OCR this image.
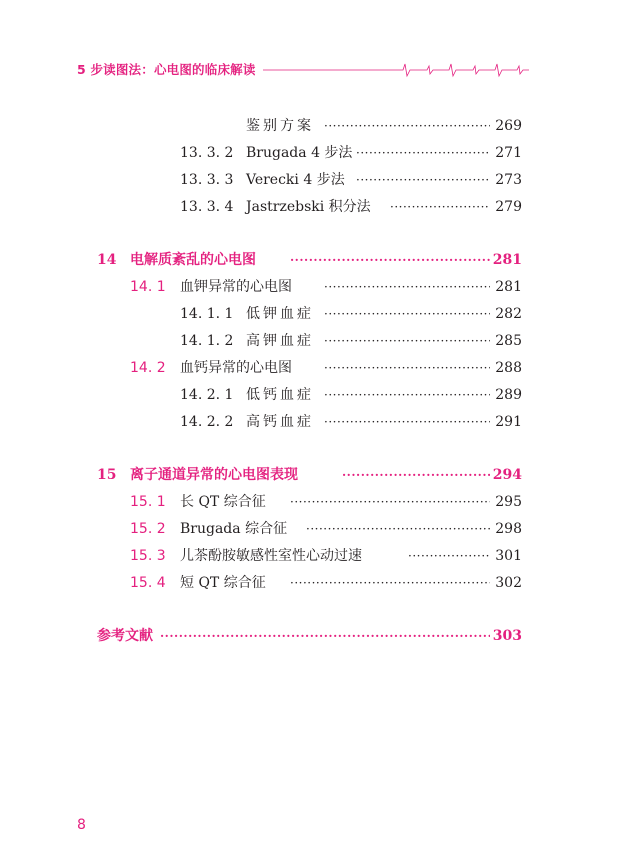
5 步读图法：心电图的临床解读
鉴别方案 ·····	269
13. 3. 2 Brugada 4 步法 ·····	271
13. 3. 3 Verecki 4 步法 ·····	273
13. 3. 4 Jastrzebski 积分法 ·····	279
14 电解质紊乱的心电图 ·····	281
14. 1 血钾异常的心电图 ·····	281
14. 1. 1 低钾血症 ·····	282
14. 1. 2 高钾血症 ·····	285
14. 2 血钙异常的心电图 ·····	288
14. 2. 1 低钙血症 ·····	289
14. 2. 2 高钙血症 ·····	291
15 离子通道异常的心电图表现 ·····	294
15. 1 长 QT 综合征 ·····	295
15. 2 Brugada 综合征 ·····	298
15. 3 儿茶酚胺敏感性室性心动过速 ·····	301
15. 4 短 QT 综合征 ·····	302
参考文献 ·····	303
8
